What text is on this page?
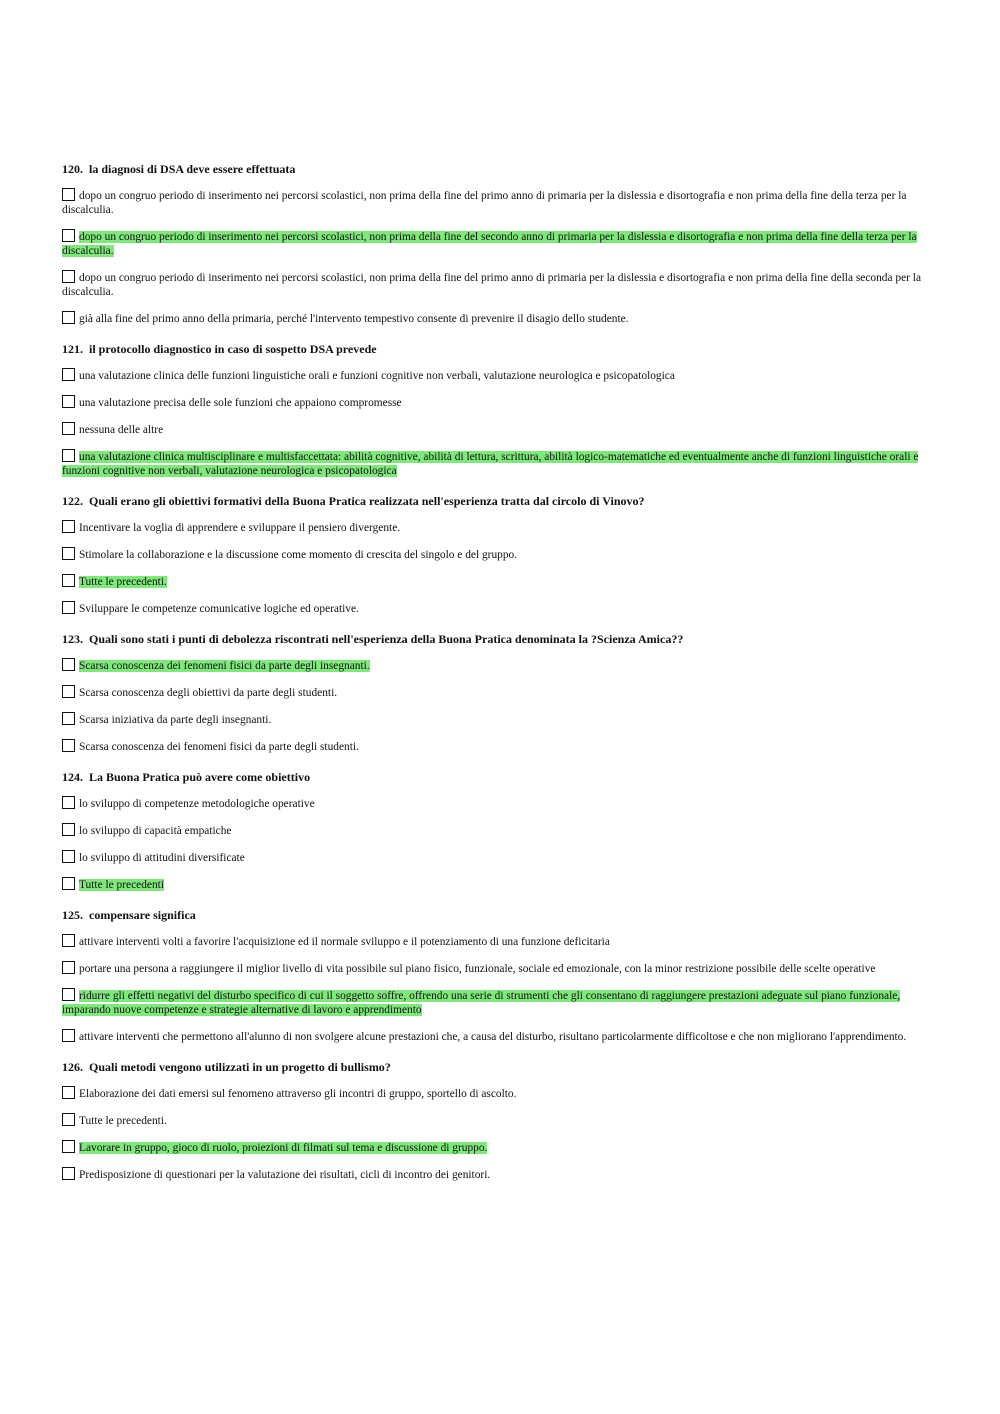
120. la diagnosi di DSA deve essere effettuata
dopo un congruo periodo di inserimento nei percorsi scolastici, non prima della fine del primo anno di primaria per la dislessia e disortografia e non prima della fine della terza per la discalculia.
dopo un congruo periodo di inserimento nei percorsi scolastici, non prima della fine del secondo anno di primaria per la dislessia e disortografia e non prima della fine della terza per la discalculia.
dopo un congruo periodo di inserimento nei percorsi scolastici, non prima della fine del primo anno di primaria per la dislessia e disortografia e non prima della fine della seconda per la discalculia.
già alla fine del primo anno della primaria, perché l'intervento tempestivo consente di prevenire il disagio dello studente.
121. il protocollo diagnostico in caso di sospetto DSA prevede
una valutazione clinica delle funzioni linguistiche orali e funzioni cognitive non verbali, valutazione neurologica e psicopatologica
una valutazione precisa delle sole funzioni che appaiono compromesse
nessuna delle altre
una valutazione clinica multisciplinare e multisfaccettata: abilità cognitive, abilità di lettura, scrittura, abilità logico-matematiche ed eventualmente anche di funzioni linguistiche orali e funzioni cognitive non verbali, valutazione neurologica e psicopatologica
122. Quali erano gli obiettivi formativi della Buona Pratica realizzata nell'esperienza tratta dal circolo di Vinovo?
Incentivare la voglia di apprendere e sviluppare il pensiero divergente.
Stimolare la collaborazione e la discussione come momento di crescita del singolo e del gruppo.
Tutte le precedenti.
Sviluppare le competenze comunicative logiche ed operative.
123. Quali sono stati i punti di debolezza riscontrati nell'esperienza della Buona Pratica denominata la ?Scienza Amica??
Scarsa conoscenza dei fenomeni fisici da parte degli insegnanti.
Scarsa conoscenza degli obiettivi da parte degli studenti.
Scarsa iniziativa da parte degli insegnanti.
Scarsa conoscenza dei fenomeni fisici da parte degli studenti.
124. La Buona Pratica può avere come obiettivo
lo sviluppo di competenze metodologiche operative
lo sviluppo di capacità empatiche
lo sviluppo di attitudini diversificate
Tutte le precedenti
125. compensare significa
attivare interventi volti a favorire l'acquisizione ed il normale sviluppo e il potenziamento di una funzione deficitaria
portare una persona a raggiungere il miglior livello di vita possibile sul piano fisico, funzionale, sociale ed emozionale, con la minor restrizione possibile delle scelte operative
ridurre gli effetti negativi del disturbo specifico di cui il soggetto soffre, offrendo una serie di strumenti che gli consentano di raggiungere prestazioni adeguate sul piano funzionale, imparando nuove competenze e strategie alternative di lavoro e apprendimento
attivare interventi che permettono all'alunno di non svolgere alcune prestazioni che, a causa del disturbo, risultano particolarmente difficoltose e che non migliorano l'apprendimento.
126. Quali metodi vengono utilizzati in un progetto di bullismo?
Elaborazione dei dati emersi sul fenomeno attraverso gli incontri di gruppo, sportello di ascolto.
Tutte le precedenti.
Lavorare in gruppo, gioco di ruolo, proiezioni di filmati sul tema e discussione di gruppo.
Predisposizione di questionari per la valutazione dei risultati, cicli di incontro dei genitori.
